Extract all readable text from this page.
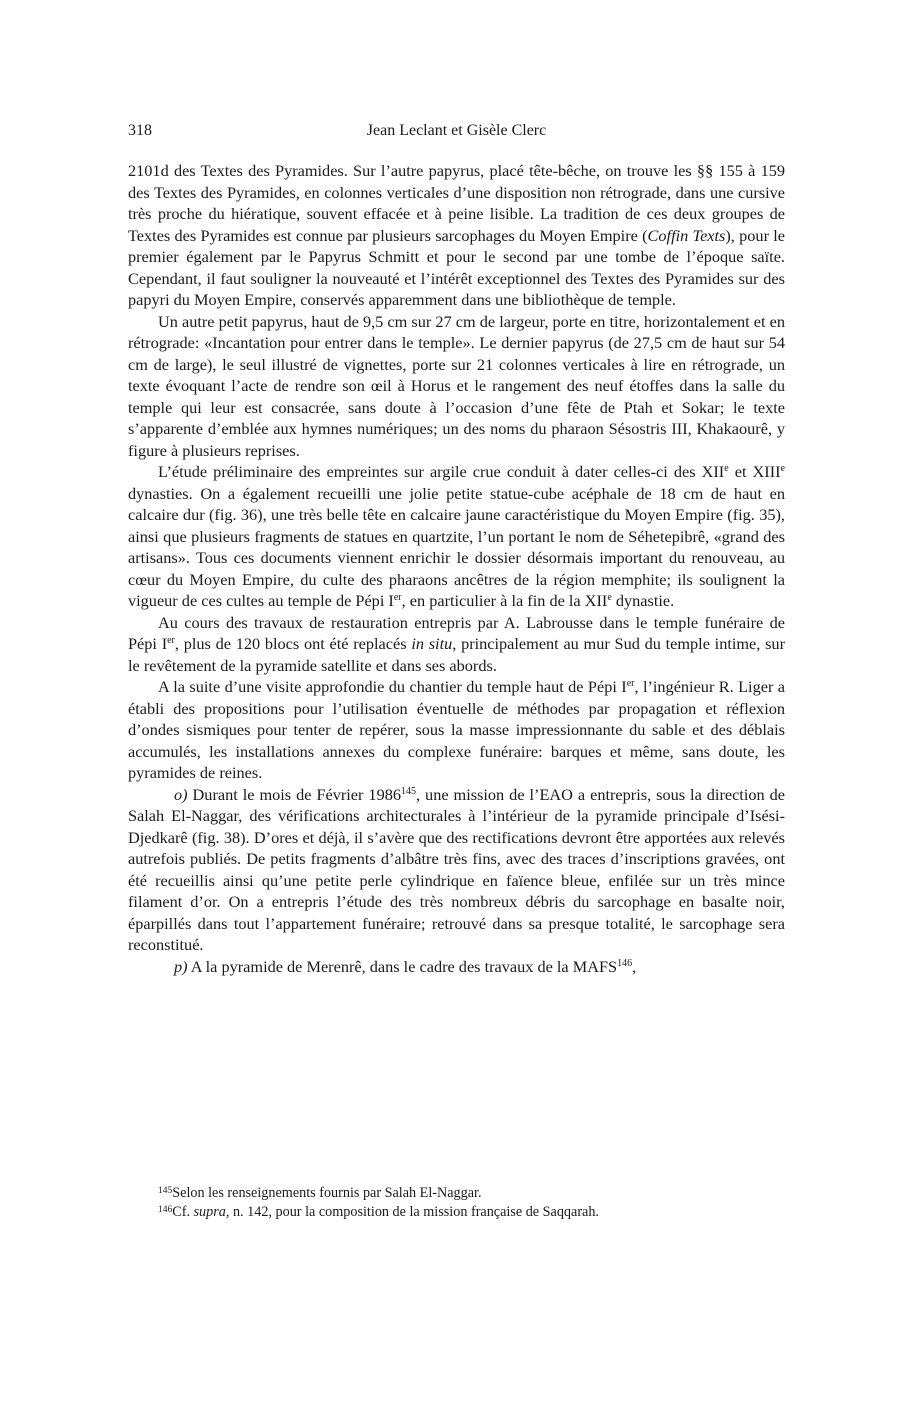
318	Jean Leclant et Gisèle Clerc

2101d des Textes des Pyramides. Sur l’autre papyrus, placé tête-bêche, on trouve les §§ 155 à 159 des Textes des Pyramides, en colonnes verticales d’une disposition non rétrograde, dans une cursive très proche du hiératique, souvent effacée et à peine lisible. La tradition de ces deux groupes de Textes des Pyramides est connue par plusieurs sarcophages du Moyen Empire (Coffin Texts), pour le premier également par le Papyrus Schmitt et pour le second par une tombe de l’époque saïte. Cependant, il faut souligner la nouveauté et l’intérêt exceptionnel des Textes des Pyramides sur des papyri du Moyen Empire, conservés apparemment dans une bibliothèque de temple.

Un autre petit papyrus, haut de 9,5 cm sur 27 cm de largeur, porte en titre, horizontalement et en rétrograde: «Incantation pour entrer dans le temple». Le dernier papyrus (de 27,5 cm de haut sur 54 cm de large), le seul illustré de vignettes, porte sur 21 colonnes verticales à lire en rétrograde, un texte évoquant l’acte de rendre son œil à Horus et le rangement des neuf étoffes dans la salle du temple qui leur est consacrée, sans doute à l’occasion d’une fête de Ptah et Sokar; le texte s’apparente d’emblée aux hymnes numériques; un des noms du pharaon Sésostris III, Khakaourê, y figure à plusieurs reprises.

L’étude préliminaire des empreintes sur argile crue conduit à dater celles-ci des XIIe et XIIIe dynasties. On a également recueilli une jolie petite statue-cube acéphale de 18 cm de haut en calcaire dur (fig. 36), une très belle tête en calcaire jaune caractéristique du Moyen Empire (fig. 35), ainsi que plusieurs fragments de statues en quartzite, l’un portant le nom de Séhetepibrê, «grand des artisans». Tous ces documents viennent enrichir le dossier désormais important du renouveau, au cœur du Moyen Empire, du culte des pharaons ancêtres de la région memphite; ils soulignent la vigueur de ces cultes au temple de Pépi Ier, en particulier à la fin de la XIIe dynastie.

Au cours des travaux de restauration entrepris par A. Labrousse dans le temple funéraire de Pépi Ier, plus de 120 blocs ont été replacés in situ, principalement au mur Sud du temple intime, sur le revêtement de la pyramide satellite et dans ses abords.

A la suite d’une visite approfondie du chantier du temple haut de Pépi Ier, l’ingénieur R. Liger a établi des propositions pour l’utilisation éventuelle de méthodes par propagation et réflexion d’ondes sismiques pour tenter de repérer, sous la masse impressionnante du sable et des déblais accumulés, les installations annexes du complexe funéraire: barques et même, sans doute, les pyramides de reines.

o) Durant le mois de Février 1986$^{145}$, une mission de l’EAO a entrepris, sous la direction de Salah El-Naggar, des vérifications architecturales à l’intérieur de la pyramide principale d’Isési-Djedkarê (fig. 38). D’ores et déjà, il s’avère que des rectifications devront être apportées aux relevés autrefois publiés. De petits fragments d’albâtre très fins, avec des traces d’inscriptions gravées, ont été recueillis ainsi qu’une petite perle cylindrique en faïence bleue, enfilée sur un très mince filament d’or. On a entrepris l’étude des très nombreux débris du sarcophage en basalte noir, éparpillés dans tout l’appartement funéraire; retrouvé dans sa presque totalité, le sarcophage sera reconstitué.

p) A la pyramide de Merenrê, dans le cadre des travaux de la MAFS$^{146}$,

$^{145}$Selon les renseignements fournis par Salah El-Naggar.

$^{146}$Cf. supra, n. 142, pour la composition de la mission française de Saqqarah.
